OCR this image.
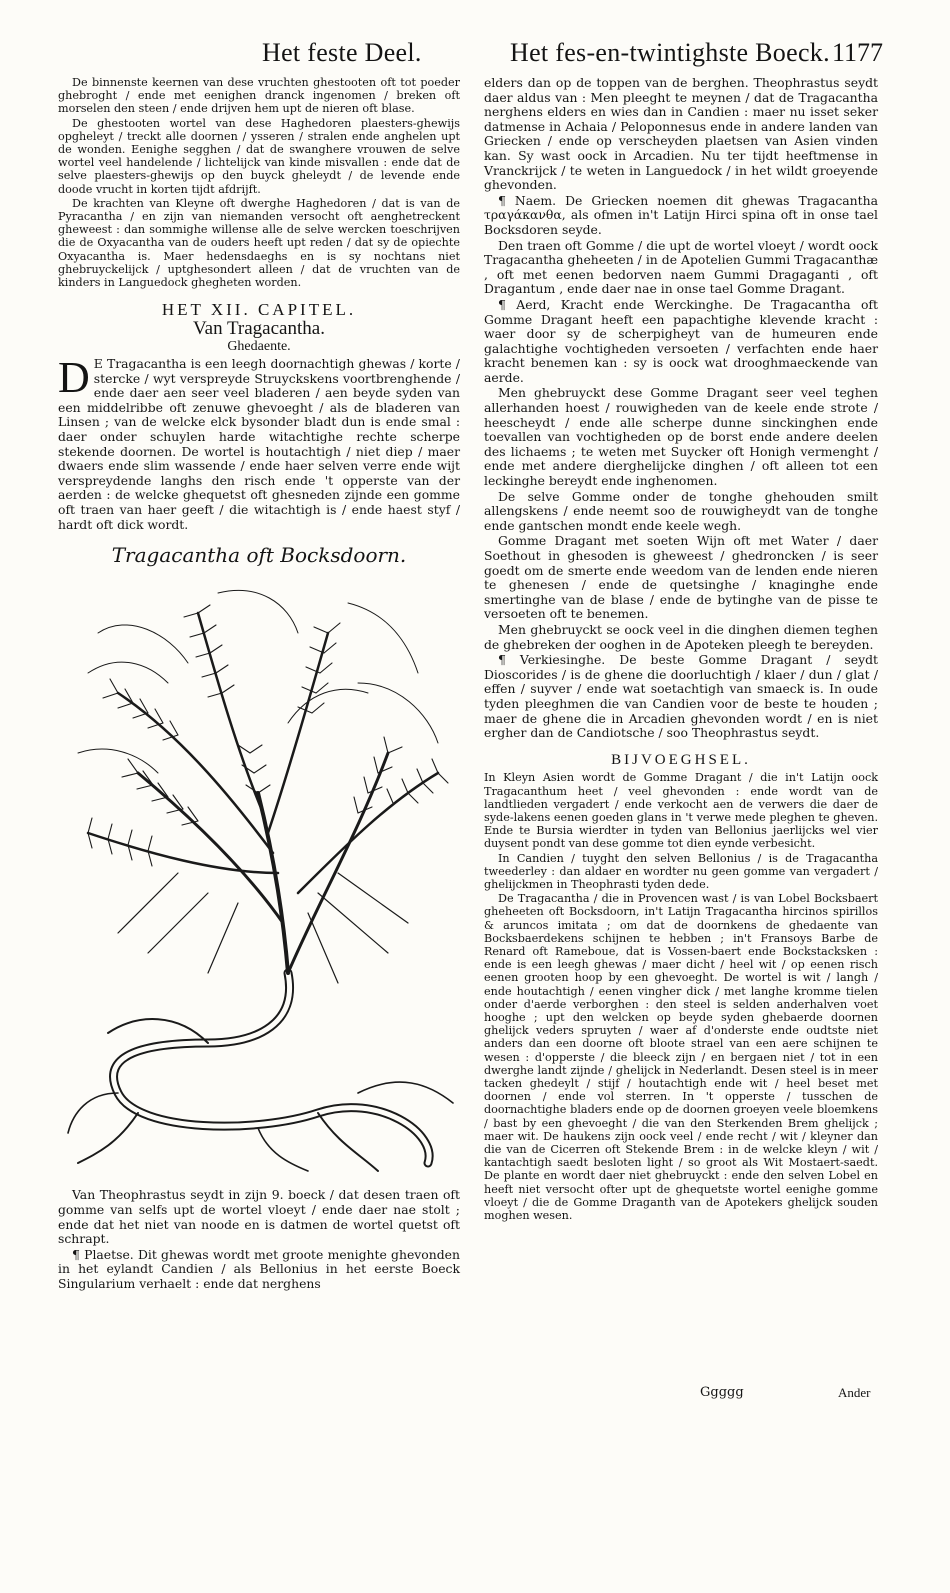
Het feste Deel.	Het fes-en-twintighste Boeck. 1177

De binnenste keernen van dese vruchten ghestooten oft tot poeder ghebroght / ende met eenighen dranck ingenomen / breken oft morselen den steen / ende drijven hem upt de nieren oft blase.

De ghestooten wortel van dese Haghedoren plaesters-ghewijs opgheleyt / treckt alle doornen / ysseren / stralen ende anghelen upt de wonden. Eenighe segghen / dat de swanghere vrouwen de selve wortel veel handelende / lichtelijck van kinde misvallen : ende dat de selve plaesters-ghewijs op den buyck gheleydt / de levende ende doode vrucht in korten tijdt afdrijft.

De krachten van Kleyne oft dwerghe Haghedoren / dat is van de Pyracantha / en zijn van niemanden versocht oft aenghetreckent gheweest : dan sommighe willense alle de selve wercken toeschrijven die de Oxyacantha van de ouders heeft upt reden / dat sy de opiechte Oxyacantha is. Maer hedensdaeghs en is sy nochtans niet ghebruyckelijck / uptghesondert alleen / dat de vruchten van de kinders in Languedock ghegheten worden.

HET XII. CAPITEL.
Van Tragacantha.
Ghedaente.

D E Tragacantha is een leegh doornachtigh ghewas / korte / stercke / wyt verspreyde Struyckskens voortbrenghende / ende daer aen seer veel bladeren / aen beyde syden van een middelribbe oft zenuwe ghevoeght / als de bladeren van Linsen ; van de welcke elck bysonder bladt dun is ende smal : daer onder schuylen harde witachtighe rechte scherpe stekende doornen. De wortel is houtachtigh / niet diep / maer dwaers ende slim wassende / ende haer selven verre ende wijt verspreydende langhs den risch ende 't opperste van der aerden : de welcke ghequetst oft ghesneden zijnde een gomme oft traen van haer geeft / die witachtigh is / ende haest styf / hardt oft dick wordt.

Tragacantha oft Bocksdoorn.

Van Theophrastus seydt in zijn 9. boeck / dat desen traen oft gomme van selfs upt de wortel vloeyt / ende daer nae stolt ; ende dat het niet van noode en is datmen de wortel quetst oft schrapt.

¶ Plaetse. Dit ghewas wordt met groote menighte ghevonden in het eylandt Candien / als Bellonius in het eerste Boeck Singularium verhaelt : ende dat nerghens

elders dan op de toppen van de berghen. Theophrastus seydt daer aldus van : Men pleeght te meynen / dat de Tragacantha nerghens elders en wies dan in Candien : maer nu isset seker datmense in Achaia / Peloponnesus ende in andere landen van Griecken / ende op verscheyden plaetsen van Asien vinden kan. Sy wast oock in Arcadien. Nu ter tijdt heeftmense in Vranckrijck / te weten in Languedock / in het wildt groeyende ghevonden.

¶ Naem. De Griecken noemen dit ghewas Tragacantha τραγάκανθα, als ofmen in't Latijn Hirci spina oft in onse tael Bocksdoren seyde.

Den traen oft Gomme / die upt de wortel vloeyt / wordt oock Tragacantha gheheeten / in de Apotelien Gummi Tragacanthæ , oft met eenen bedorven naem Gummi Dragaganti , oft Dragantum , ende daer nae in onse tael Gomme Dragant.

¶ Aerd, Kracht ende Werckinghe. De Tragacantha oft Gomme Dragant heeft een papachtighe klevende kracht : waer door sy de scherpigheyt van de humeuren ende galachtighe vochtigheden versoeten / verfachten ende haer kracht benemen kan : sy is oock wat drooghmaeckende van aerde.

Men ghebruyckt dese Gomme Dragant seer veel teghen allerhanden hoest / rouwigheden van de keele ende strote / heescheydt / ende alle scherpe dunne sinckinghen ende toevallen van vochtigheden op de borst ende andere deelen des lichaems ; te weten met Suycker oft Honigh vermenght / ende met andere dierghelijcke dinghen / oft alleen tot een leckinghe bereydt ende inghenomen.

De selve Gomme onder de tonghe ghehouden smilt allengskens / ende neemt soo de rouwigheydt van de tonghe ende gantschen mondt ende keele wegh.

Gomme Dragant met soeten Wijn oft met Water / daer Soethout in ghesoden is gheweest / ghedroncken / is seer goedt om de smerte ende weedom van de lenden ende nieren te ghenesen / ende de quetsinghe / knaginghe ende smertinghe van de blase / ende de bytinghe van de pisse te versoeten oft te benemen.

Men ghebruyckt se oock veel in die dinghen diemen teghen de ghebreken der ooghen in de Apoteken pleegh te bereyden.

¶ Verkiesinghe. De beste Gomme Dragant / seydt Dioscorides / is de ghene die doorluchtigh / klaer / dun / glat / effen / suyver / ende wat soetachtigh van smaeck is. In oude tyden pleeghmen die van Candien voor de beste te houden ; maer de ghene die in Arcadien ghevonden wordt / en is niet ergher dan de Candiotsche / soo Theophrastus seydt.

BIJVOEGHSEL.

In Kleyn Asien wordt de Gomme Dragant / die in't Latijn oock Tragacanthum heet / veel ghevonden : ende wordt van de landtlieden vergadert / ende verkocht aen de verwers die daer de syde-lakens eenen goeden glans in 't verwe mede pleghen te gheven. Ende te Bursia wierdter in tyden van Bellonius jaerlijcks wel vier duysent pondt van dese gomme tot dien eynde verbesicht.

In Candien / tuyght den selven Bellonius / is de Tragacantha tweederley : dan aldaer en wordter nu geen gomme van vergadert / ghelijckmen in Theophrasti tyden dede.

De Tragacantha / die in Provencen wast / is van Lobel Bocksbaert gheheeten oft Bocksdoorn, in't Latijn Tragacantha hircinos spirillos & aruncos imitata ; om dat de doornkens de ghedaente van Bocksbaerdekens schijnen te hebben ; in't Fransoys Barbe de Renard oft Rameboue, dat is Vossen-baert ende Bockstacksken : ende is een leegh ghewas / maer dicht / heel wit / op eenen risch eenen grooten hoop by een ghevoeght. De wortel is wit / langh / ende houtachtigh / eenen vingher dick / met langhe kromme tielen onder d'aerde verborghen : den steel is selden anderhalven voet hooghe ; upt den welcken op beyde syden ghebaerde doornen ghelijck veders spruyten / waer af d'onderste ende oudtste niet anders dan een doorne oft bloote strael van een aere schijnen te wesen : d'opperste / die bleeck zijn / en bergaen niet / tot in een dwerghe landt zijnde / ghelijck in Nederlandt. Desen steel is in meer tacken ghedeylt / stijf / houtachtigh ende wit / heel beset met doornen / ende vol sterren. In 't opperste / tusschen de doornachtighe bladers ende op de doornen groeyen veele bloemkens / bast by een ghevoeght / die van den Sterkenden Brem ghelijck ; maer wit. De haukens zijn oock veel / ende recht / wit / kleyner dan die van de Cicerren oft Stekende Brem : in de welcke kleyn / wit / kantachtigh saedt besloten light / so groot als Wit Mostaert-saedt. De plante en wordt daer niet ghebruyckt : ende den selven Lobel en heeft niet versocht ofter upt de ghequetste wortel eenighe gomme vloeyt / die de Gomme Draganth van de Apotekers ghelijck souden moghen wesen.

Ggggg	Ander
